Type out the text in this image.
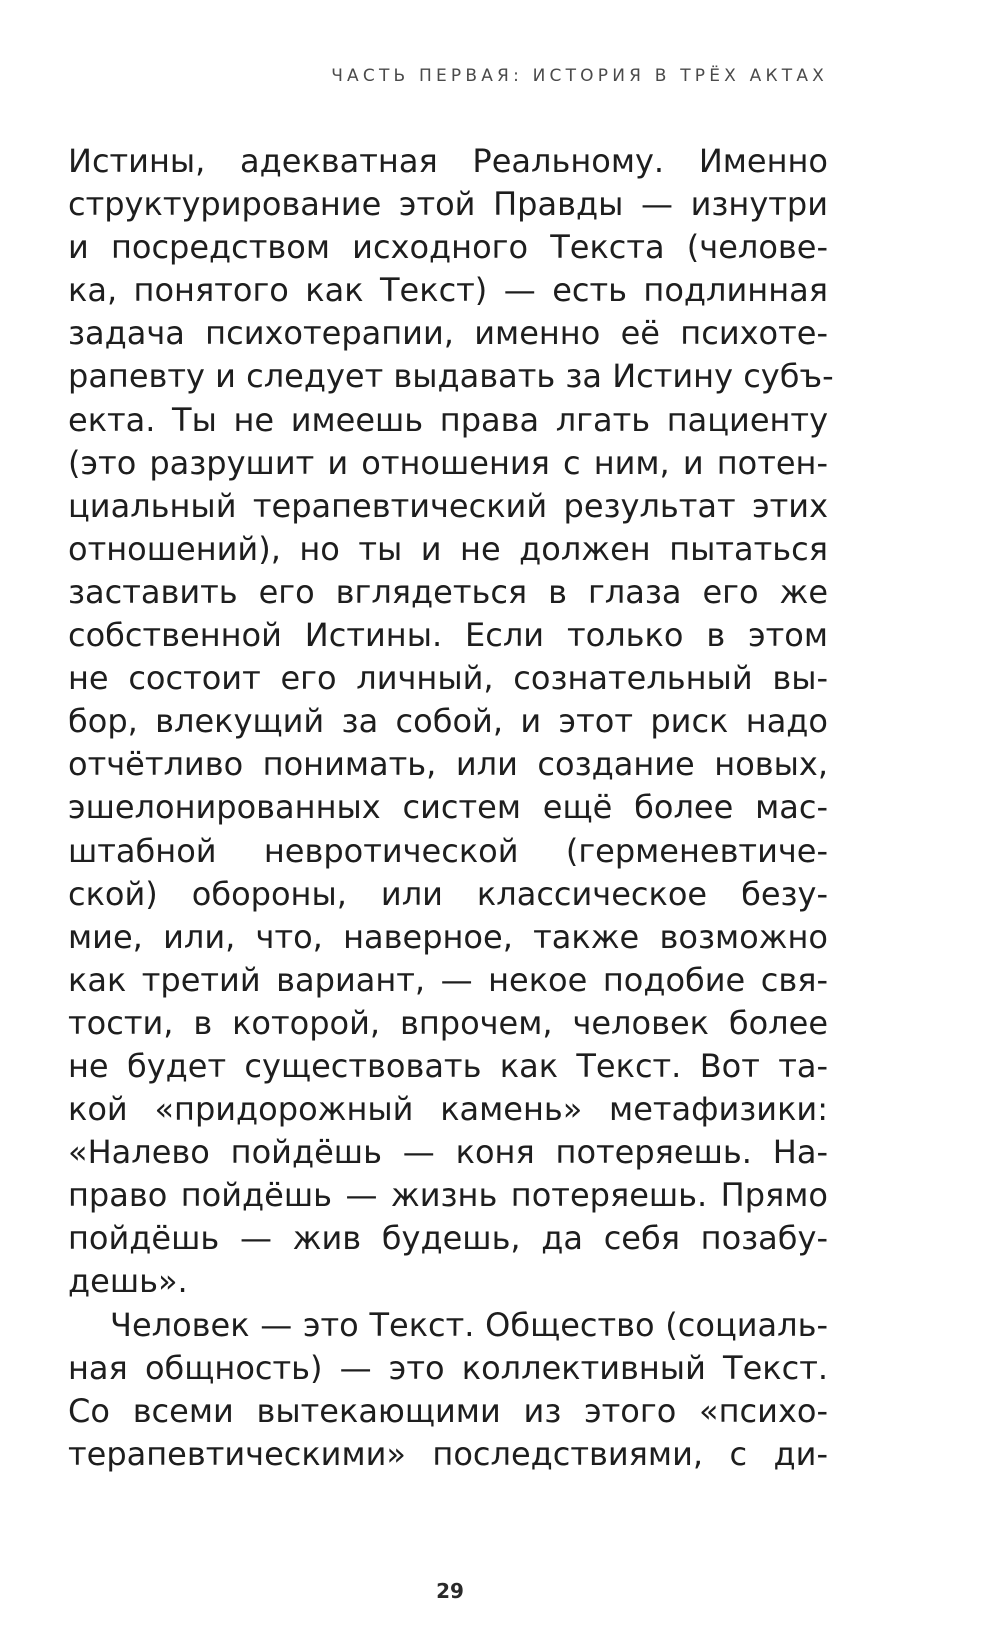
ЧАСТЬ ПЕРВАЯ: ИСТОРИЯ В ТРЁХ АКТАХ
Истины, адекватная Реальному. Именно
структурирование этой Правды — изнутри
и посредством исходного Текста (челове-
ка, понятого как Текст) — есть подлинная
задача психотерапии, именно её психоте-
рапевту и следует выдавать за Истину субъ-
екта. Ты не имеешь права лгать пациенту
(это разрушит и отношения с ним, и потен-
циальный терапевтический результат этих
отношений), но ты и не должен пытаться
заставить его вглядеться в глаза его же
собственной Истины. Если только в этом
не состоит его личный, сознательный вы-
бор, влекущий за собой, и этот риск надо
отчётливо понимать, или создание новых,
эшелонированных систем ещё более мас-
штабной невротической (герменевтиче-
ской) обороны, или классическое безу-
мие, или, что, наверное, также возможно
как третий вариант, — некое подобие свя-
тости, в которой, впрочем, человек более
не будет существовать как Текст. Вот та-
кой «придорожный камень» метафизики:
«Налево пойдёшь — коня потеряешь. На-
право пойдёшь — жизнь потеряешь. Прямо
пойдёшь — жив будешь, да себя позабу-
дешь».
Человек — это Текст. Общество (социаль-
ная общность) — это коллективный Текст.
Со всеми вытекающими из этого «психо-
терапевтическими» последствиями, с ди-
29
